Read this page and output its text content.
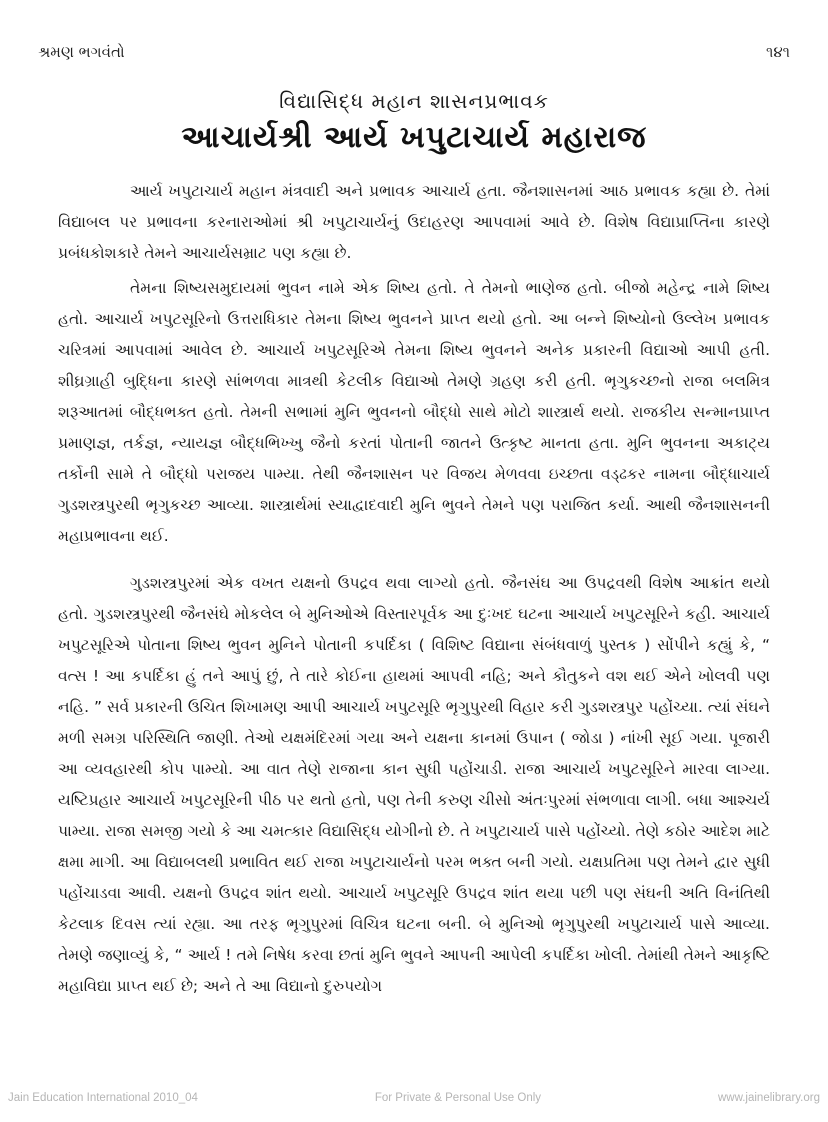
શ્રમણ ભગવંતો	૧૪૧
વિદ્યાસિદ્ધ મહાન શાસનપ્રભાવક
આચાર્યશ્રી આર્ય ખપુટાચાર્ય મહારાજ

આર્ય ખપુટાચાર્ય મહાન મંત્રવાદી અને પ્રભાવક આચાર્ય હતા. જૈનશાસનમાં આઠ પ્રભાવક કહ્યા છે. તેમાં વિદ્યાબલ પર પ્રભાવના કરનારાઓમાં શ્રી ખપુટાચાર્યનું ઉદાહરણ આપવામાં આવે છે. વિશેષ વિદ્યાપ્રાપ્તિના કારણે પ્રબંધકોશકારે તેમને આચાર્યસમ્રાટ પણ કહ્યા છે.

તેમના શિષ્યસમુદાયમાં ભુવન નામે એક શિષ્ય હતો. તે તેમનો ભાણેજ હતો. બીજો મહેન્દ્ર નામે શિષ્ય હતો. આચાર્ય ખપુટસૂરિનો ઉત્તરાધિકાર તેમના શિષ્ય ભુવનને પ્રાપ્ત થયો હતો. આ બન્ને શિષ્યોનો ઉલ્લેખ પ્રભાવક ચરિત્રમાં આપવામાં આવેલ છે. આચાર્ય ખપુટસૂરિએ તેમના શિષ્ય ભુવનને અનેક પ્રકારની વિદ્યાઓ આપી હતી. શીઘ્રગ્રાહી બુદ્ધિના કારણે સાંભળવા માત્રથી કેટલીક વિદ્યાઓ તેમણે ગ્રહણ કરી હતી. ભૃગુકચ્છનો રાજા બલમિત્ર શરૂઆતમાં બૌદ્ધભક્ત હતો. તેમની સભામાં મુનિ ભુવનનો બૌદ્ધો સાથે મોટો શાસ્ત્રાર્થ થયો. રાજકીય સન્માનપ્રાપ્ત પ્રમાણજ્ઞ, તર્કજ્ઞ, ન્યાયજ્ઞ બૌદ્ધભિખ્ખુ જૈનો કરતાં પોતાની જાતને ઉત્કૃષ્ટ માનતા હતા. મુનિ ભુવનના અકાટ્ય તર્કોની સામે તે બૌદ્ધો પરાજય પામ્યા. તેથી જૈનશાસન પર વિજય મેળવવા ઇચ્છતા વડ્ઢકર નામના બૌદ્ધાચાર્ય ગુડશસ્ત્રપુરથી ભૃગુકચ્છ આવ્યા. શાસ્ત્રાર્થમાં સ્યાદ્વાદવાદી મુનિ ભુવને તેમને પણ પરાજિત કર્યા. આથી જૈનશાસનની મહાપ્રભાવના થઈ.

ગુડશસ્ત્રપુરમાં એક વખત યક્ષનો ઉપદ્રવ થવા લાગ્યો હતો. જૈનસંઘ આ ઉપદ્રવથી વિશેષ આક્રાંત થયો હતો. ગુડશસ્ત્રપુરથી જૈનસંઘે મોકલેલ બે મુનિઓએ વિસ્તારપૂર્વક આ દુઃખદ ઘટના આચાર્ય ખપુટસૂરિને કહી. આચાર્ય ખપુટસૂરિએ પોતાના શિષ્ય ભુવન મુનિને પોતાની કપર્દિકા ( વિશિષ્ટ વિદ્યાના સંબંધવાળું પુસ્તક ) સોંપીને કહ્યું કે, “ વત્સ ! આ કપર્દિકા હું તને આપું છું, તે તારે કોઈના હાથમાં આપવી નહિ; અને કૌતુકને વશ થઈ એને ખોલવી પણ નહિ. ” સર્વ પ્રકારની ઉચિત શિખામણ આપી આચાર્ય ખપુટસૂરિ ભૃગુપુરથી વિહાર કરી ગુડશસ્ત્રપુર પહોંચ્યા. ત્યાં સંઘને મળી સમગ્ર પરિસ્થિતિ જાણી. તેઓ યક્ષમંદિરમાં ગયા અને યક્ષના કાનમાં ઉપાન ( જોડા ) નાંખી સૂઈ ગયા. પૂજારી આ વ્યવહારથી કોપ પામ્યો. આ વાત તેણે રાજાના કાન સુધી પહોંચાડી. રાજા આચાર્ય ખપુટસૂરિને મારવા લાગ્યા. યષ્ટિપ્રહાર આચાર્ય ખપુટસૂરિની પીઠ પર થતો હતો, પણ તેની કરુણ ચીસો અંતઃપુરમાં સંભળાવા લાગી. બધા આશ્ચર્ય પામ્યા. રાજા સમજી ગયો કે આ ચમત્કાર વિદ્યાસિદ્ધ યોગીનો છે. તે ખપુટાચાર્ય પાસે પહોંચ્યો. તેણે કઠોર આદેશ માટે ક્ષમા માગી. આ વિદ્યાબલથી પ્રભાવિત થઈ રાજા ખપુટાચાર્યનો પરમ ભક્ત બની ગયો. યક્ષપ્રતિમા પણ તેમને દ્વાર સુધી પહોંચાડવા આવી. યક્ષનો ઉપદ્રવ શાંત થયો. આચાર્ય ખપુટસૂરિ ઉપદ્રવ શાંત થયા પછી પણ સંઘની અતિ વિનંતિથી કેટલાક દિવસ ત્યાં રહ્યા. આ તરફ ભૃગુપુરમાં વિચિત્ર ઘટના બની. બે મુનિઓ ભૃગુપુરથી ખપુટાચાર્ય પાસે આવ્યા. તેમણે જણાવ્યું કે, “ આર્ય ! તમે નિષેધ કરવા છતાં મુનિ ભુવને આપની આપેલી કપર્દિકા ખોલી. તેમાંથી તેમને આકૃષ્ટિ મહાવિદ્યા પ્રાપ્ત થઈ છે; અને તે આ વિદ્યાનો દુરુપયોગ

Jain Education International 2010_04	For Private & Personal Use Only	www.jainelibrary.org
